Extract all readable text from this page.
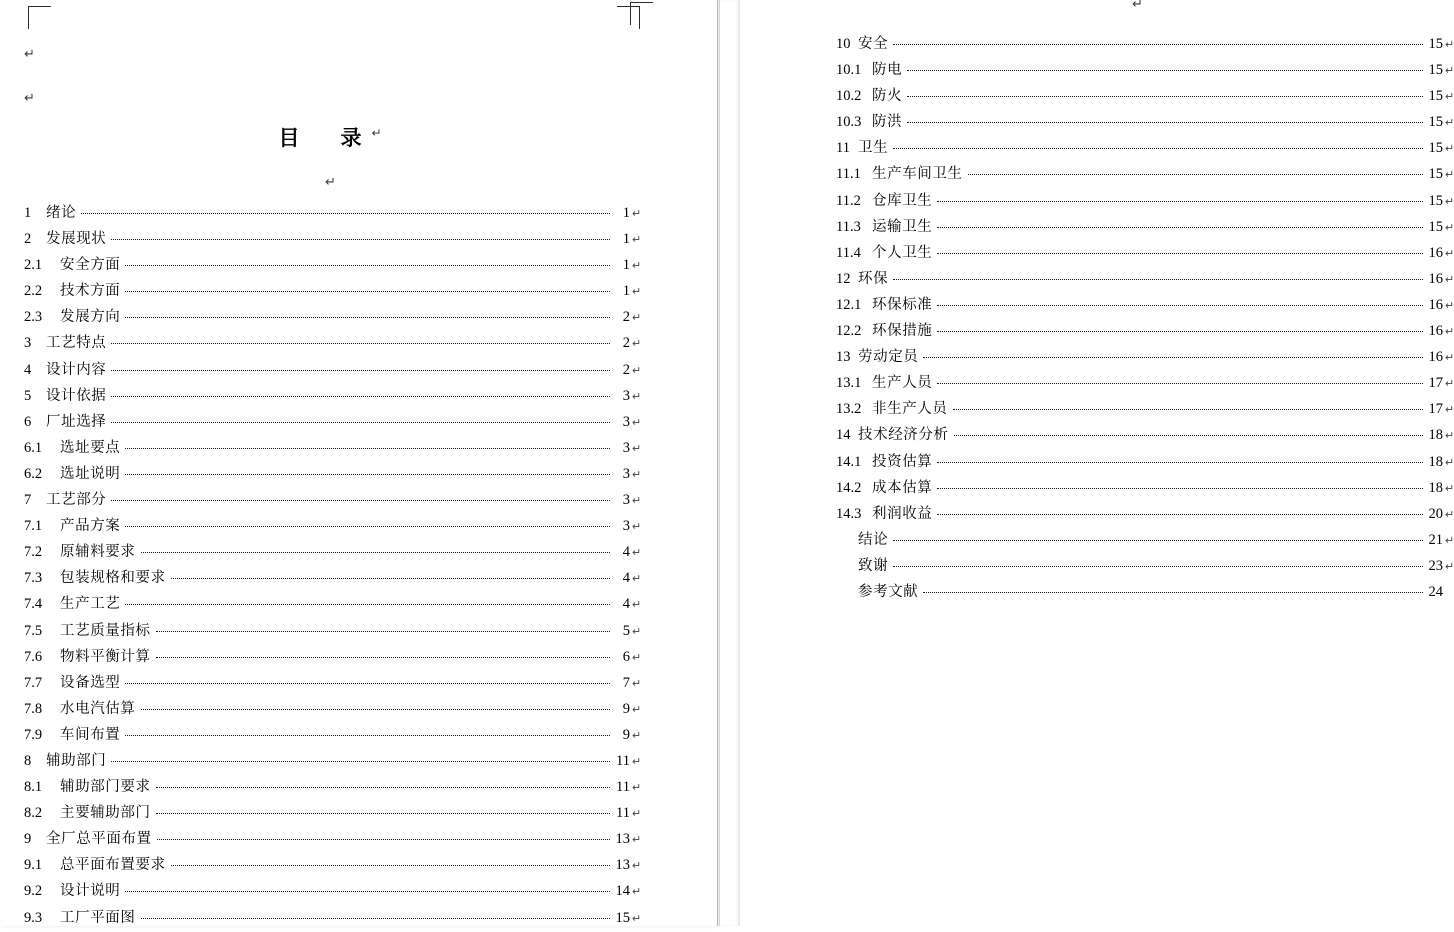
↵
↵
目　录↵
↵
1	绪论	1 ↵
2	发展现状	1 ↵
2.1	安全方面	1 ↵
2.2	技术方面	1 ↵
2.3	发展方向	2 ↵
3	工艺特点	2 ↵
4	设计内容	2 ↵
5	设计依据	3 ↵
6	厂址选择	3 ↵
6.1	选址要点	3 ↵
6.2	选址说明	3 ↵
7	工艺部分	3 ↵
7.1	产品方案	3 ↵
7.2	原辅料要求	4 ↵
7.3	包装规格和要求	4 ↵
7.4	生产工艺	4 ↵
7.5	工艺质量指标	5 ↵
7.6	物料平衡计算	6 ↵
7.7	设备选型	7 ↵
7.8	水电汽估算	9 ↵
7.9	车间布置	9 ↵
8	辅助部门	11 ↵
8.1	辅助部门要求	11 ↵
8.2	主要辅助部门	11 ↵
9	全厂总平面布置	13 ↵
9.1	总平面布置要求	13 ↵
9.2	设计说明	14 ↵
9.3	工厂平面图	15 ↵
↵
10 安全	15 ↵
10.1 防电	15 ↵
10.2 防火	15 ↵
10.3 防洪	15 ↵
11 卫生	15 ↵
11.1 生产车间卫生	15 ↵
11.2 仓库卫生	15 ↵
11.3 运输卫生	15 ↵
11.4 个人卫生	16 ↵
12 环保	16 ↵
12.1 环保标准	16 ↵
12.2 环保措施	16 ↵
13 劳动定员	16 ↵
13.1 生产人员	17 ↵
13.2 非生产人员	17 ↵
14 技术经济分析	18 ↵
14.1 投资估算	18 ↵
14.2 成本估算	18 ↵
14.3 利润收益	20 ↵
结论	21 ↵
致谢	23 ↵
参考文献	24
